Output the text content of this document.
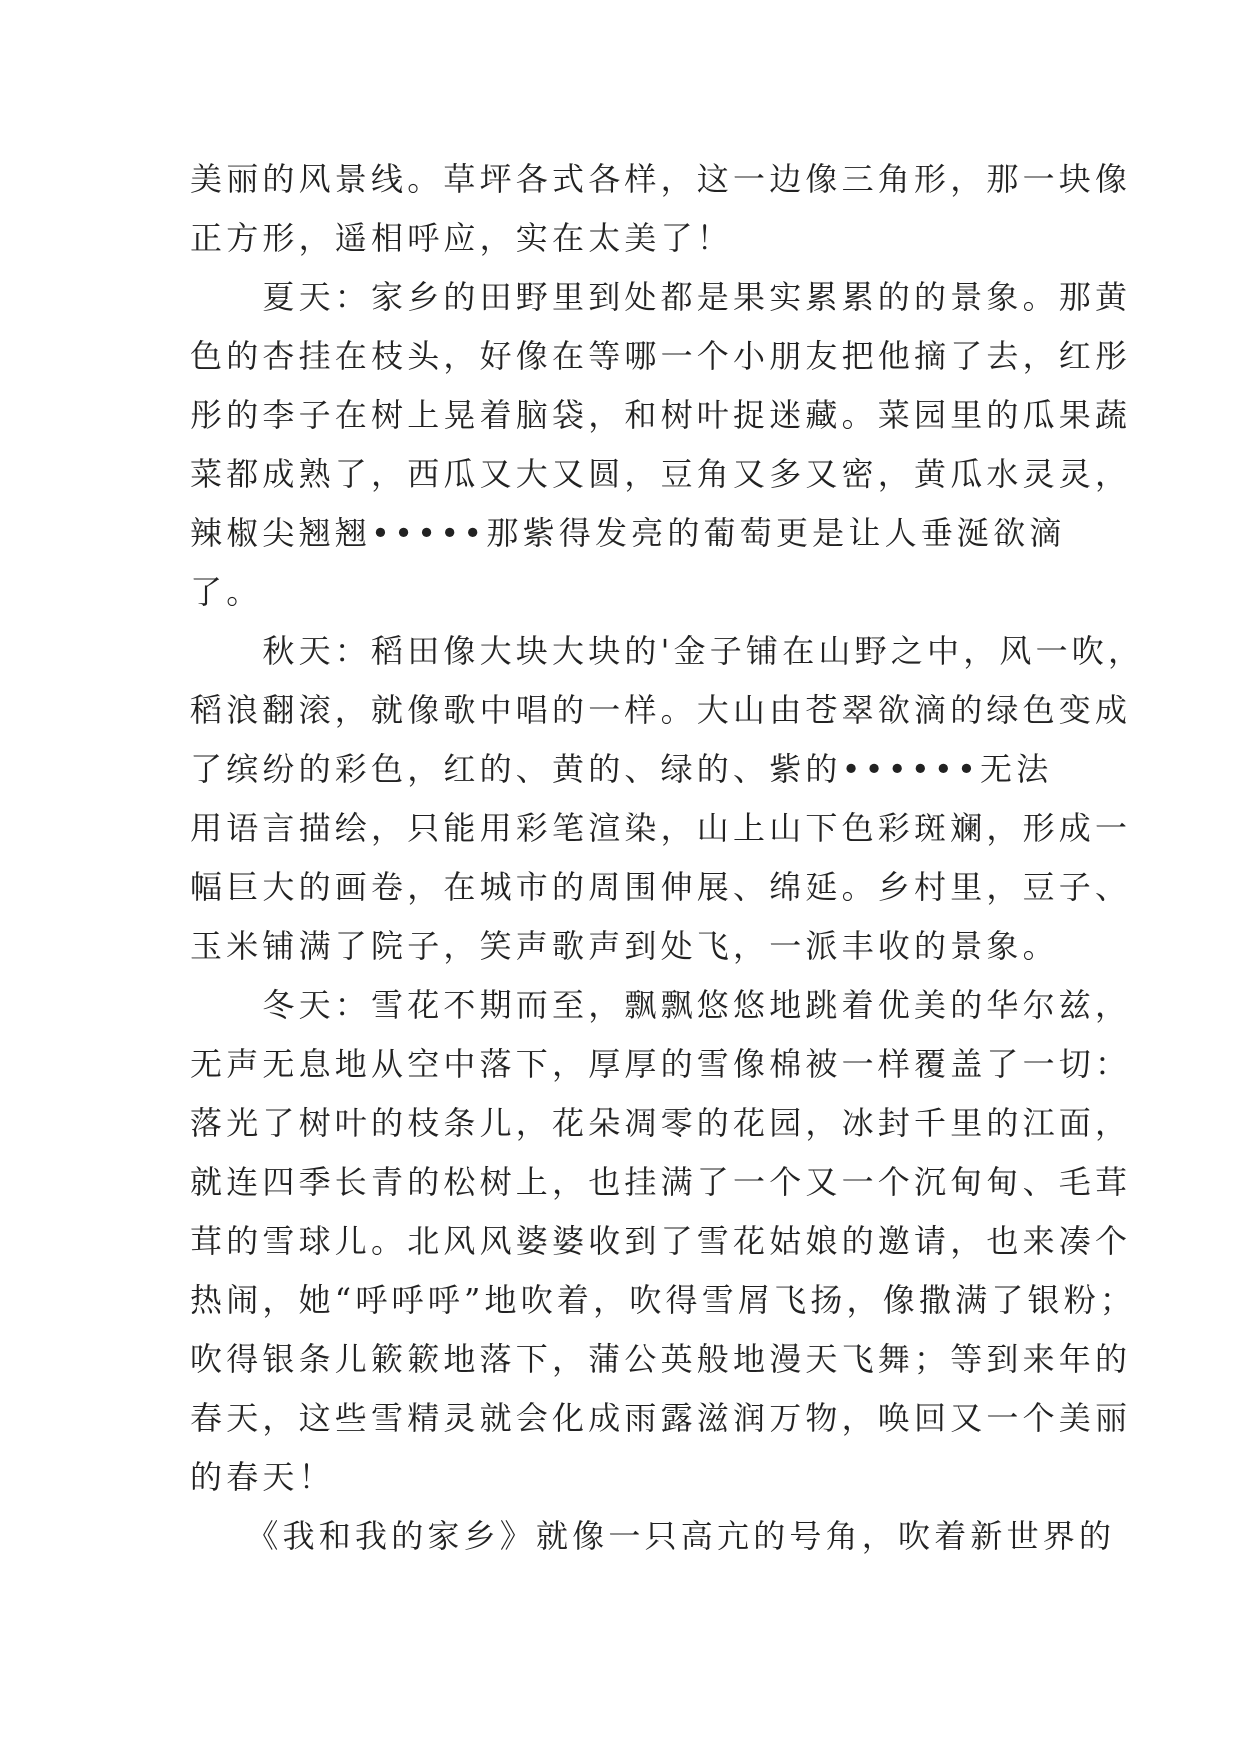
美丽的风景线。草坪各式各样，这一边像三角形，那一块像
正方形，遥相呼应，实在太美了！
　　夏天：家乡的田野里到处都是果实累累的的景象。那黄
色的杏挂在枝头，好像在等哪一个小朋友把他摘了去，红彤
彤的李子在树上晃着脑袋，和树叶捉迷藏。菜园里的瓜果蔬
菜都成熟了，西瓜又大又圆，豆角又多又密，黄瓜水灵灵，
辣椒尖翘翘•••••那紫得发亮的葡萄更是让人垂涎欲滴
了。
　　秋天：稻田像大块大块的'金子铺在山野之中，风一吹，
稻浪翻滚，就像歌中唱的一样。大山由苍翠欲滴的绿色变成
了缤纷的彩色，红的、黄的、绿的、紫的••••••无法
用语言描绘，只能用彩笔渲染，山上山下色彩斑斓，形成一
幅巨大的画卷，在城市的周围伸展、绵延。乡村里，豆子、
玉米铺满了院子，笑声歌声到处飞，一派丰收的景象。
　　冬天：雪花不期而至，飘飘悠悠地跳着优美的华尔兹，
无声无息地从空中落下，厚厚的雪像棉被一样覆盖了一切：
落光了树叶的枝条儿，花朵凋零的花园，冰封千里的江面，
就连四季长青的松树上，也挂满了一个又一个沉甸甸、毛茸
茸的雪球儿。北风风婆婆收到了雪花姑娘的邀请，也来凑个
热闹，她“呼呼呼”地吹着，吹得雪屑飞扬，像撒满了银粉；
吹得银条儿簌簌地落下，蒲公英般地漫天飞舞；等到来年的
春天，这些雪精灵就会化成雨露滋润万物，唤回又一个美丽
的春天！
　　《我和我的家乡》就像一只高亢的号角，吹着新世界的
